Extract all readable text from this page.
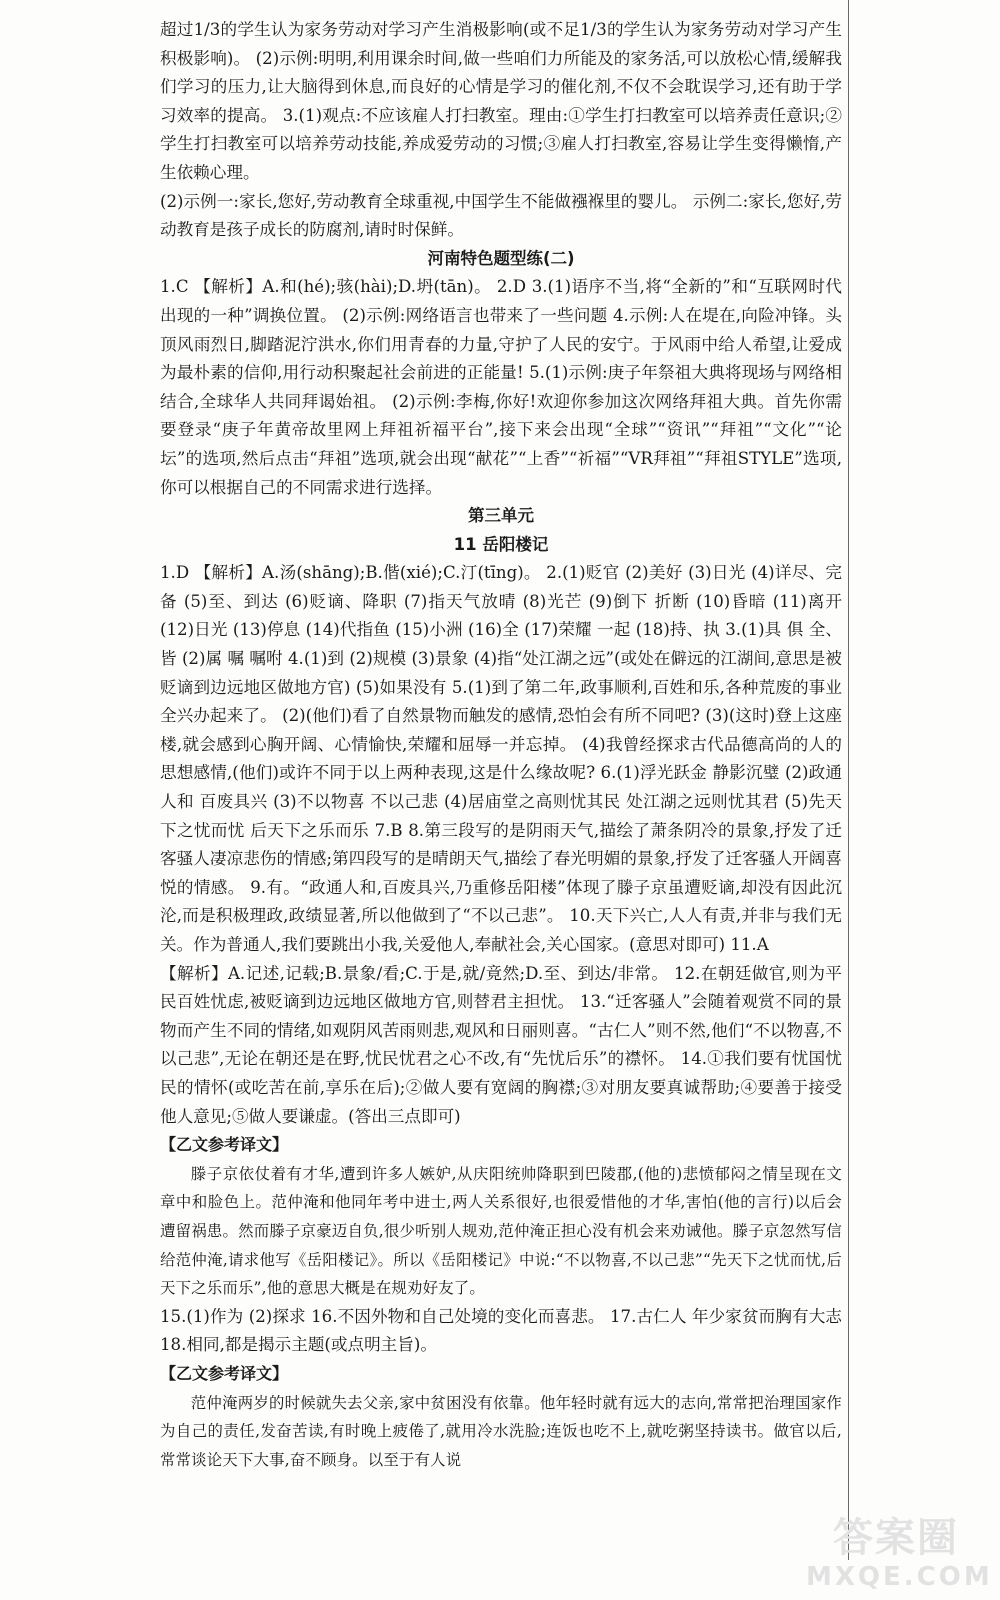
超过1/3的学生认为家务劳动对学习产生消极影响(或不足1/3的学生认为家务劳动对学习产生积极影响)。 (2)示例:明明,利用课余时间,做一些咱们力所能及的家务活,可以放松心情,缓解我们学习的压力,让大脑得到休息,而良好的心情是学习的催化剂,不仅不会耽误学习,还有助于学习效率的提高。 3.(1)观点:不应该雇人打扫教室。理由:①学生打扫教室可以培养责任意识;②学生打扫教室可以培养劳动技能,养成爱劳动的习惯;③雇人打扫教室,容易让学生变得懒惰,产生依赖心理。

(2)示例一:家长,您好,劳动教育全球重视,中国学生不能做襁褓里的婴儿。 示例二:家长,您好,劳动教育是孩子成长的防腐剂,请时时保鲜。

河南特色题型练(二)

1.C 【解析】A.和(hé);骇(hài);D.坍(tān)。 2.D 3.(1)语序不当,将“全新的”和“互联网时代出现的一种”调换位置。 (2)示例:网络语言也带来了一些问题 4.示例:人在堤在,向险冲锋。头顶风雨烈日,脚踏泥泞洪水,你们用青春的力量,守护了人民的安宁。于风雨中给人希望,让爱成为最朴素的信仰,用行动积聚起社会前进的正能量! 5.(1)示例:庚子年祭祖大典将现场与网络相结合,全球华人共同拜谒始祖。 (2)示例:李梅,你好!欢迎你参加这次网络拜祖大典。首先你需要登录“庚子年黄帝故里网上拜祖祈福平台”,接下来会出现“全球”“资讯”“拜祖”“文化”“论坛”的选项,然后点击“拜祖”选项,就会出现“献花”“上香”“祈福”“VR拜祖”“拜祖STYLE”选项,你可以根据自己的不同需求进行选择。

第三单元

11 岳阳楼记

1.D 【解析】A.汤(shāng);B.偕(xié);C.汀(tīng)。 2.(1)贬官 (2)美好 (3)日光 (4)详尽、完备 (5)至、到达 (6)贬谪、降职 (7)指天气放晴 (8)光芒 (9)倒下 折断 (10)昏暗 (11)离开 (12)日光 (13)停息 (14)代指鱼 (15)小洲 (16)全 (17)荣耀 一起 (18)持、执 3.(1)具 俱 全、皆 (2)属 嘱 嘱咐 4.(1)到 (2)规模 (3)景象 (4)指“处江湖之远”(或处在僻远的江湖间,意思是被贬谪到边远地区做地方官) (5)如果没有 5.(1)到了第二年,政事顺利,百姓和乐,各种荒废的事业全兴办起来了。 (2)(他们)看了自然景物而触发的感情,恐怕会有所不同吧? (3)(这时)登上这座楼,就会感到心胸开阔、心情愉快,荣耀和屈辱一并忘掉。 (4)我曾经探求古代品德高尚的人的思想感情,(他们)或许不同于以上两种表现,这是什么缘故呢? 6.(1)浮光跃金 静影沉璧 (2)政通人和 百废具兴 (3)不以物喜 不以己悲 (4)居庙堂之高则忧其民 处江湖之远则忧其君 (5)先天下之忧而忧 后天下之乐而乐 7.B 8.第三段写的是阴雨天气,描绘了萧条阴冷的景象,抒发了迁客骚人凄凉悲伤的情感;第四段写的是晴朗天气,描绘了春光明媚的景象,抒发了迁客骚人开阔喜悦的情感。 9.有。“政通人和,百废具兴,乃重修岳阳楼”体现了滕子京虽遭贬谪,却没有因此沉沦,而是积极理政,政绩显著,所以他做到了“不以己悲”。 10.天下兴亡,人人有责,并非与我们无关。作为普通人,我们要跳出小我,关爱他人,奉献社会,关心国家。(意思对即可) 11.A

【解析】A.记述,记载;B.景象/看;C.于是,就/竟然;D.至、到达/非常。 12.在朝廷做官,则为平民百姓忧虑,被贬谪到边远地区做地方官,则替君主担忧。 13.“迁客骚人”会随着观赏不同的景物而产生不同的情绪,如观阴风苦雨则悲,观风和日丽则喜。“古仁人”则不然,他们“不以物喜,不以己悲”,无论在朝还是在野,忧民忧君之心不改,有“先忧后乐”的襟怀。 14.①我们要有忧国忧民的情怀(或吃苦在前,享乐在后);②做人要有宽阔的胸襟;③对朋友要真诚帮助;④要善于接受他人意见;⑤做人要谦虚。(答出三点即可)

【乙文参考译文】

滕子京依仗着有才华,遭到许多人嫉妒,从庆阳统帅降职到巴陵郡,(他的)悲愤郁闷之情呈现在文章中和脸色上。范仲淹和他同年考中进士,两人关系很好,也很爱惜他的才华,害怕(他的言行)以后会遭留祸患。然而滕子京豪迈自负,很少听别人规劝,范仲淹正担心没有机会来劝诫他。滕子京忽然写信给范仲淹,请求他写《岳阳楼记》。所以《岳阳楼记》中说:“不以物喜,不以己悲”“先天下之忧而忧,后天下之乐而乐”,他的意思大概是在规劝好友了。

15.(1)作为 (2)探求 16.不因外物和自己处境的变化而喜悲。 17.古仁人 年少家贫而胸有大志 18.相同,都是揭示主题(或点明主旨)。

【乙文参考译文】

范仲淹两岁的时候就失去父亲,家中贫困没有依靠。他年轻时就有远大的志向,常常把治理国家作为自己的责任,发奋苦读,有时晚上疲倦了,就用冷水洗脸;连饭也吃不上,就吃粥坚持读书。做官以后,常常谈论天下大事,奋不顾身。以至于有人说

答案圈
MXQE.COM
